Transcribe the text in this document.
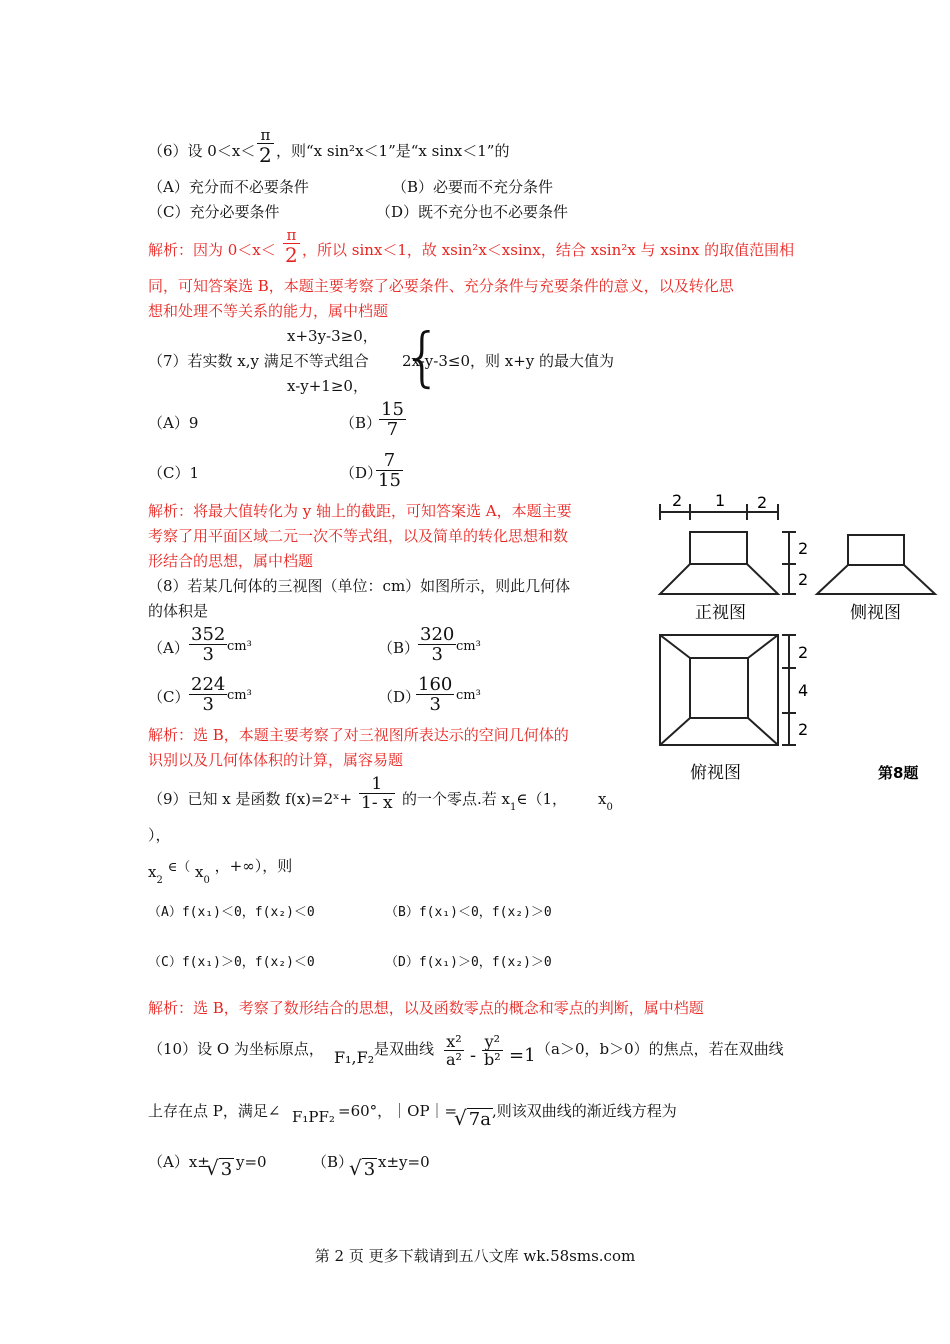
（6）设 0＜x＜
π
2 ，则“x sin²x＜1”是“x sinx＜1”的
（A）充分而不必要条件	（B）必要而不充分条件
（C）充分必要条件	（D）既不充分也不必要条件
解析：因为 0＜x＜
π
2 ，所以 sinx＜1，故 xsin²x＜xsinx，结合 xsin²x 与 xsinx 的取值范围相
同，可知答案选 B，本题主要考察了必要条件、充分条件与充要条件的意义，以及转化思
想和处理不等关系的能力，属中档题
x+3y-3≥0，
（7）若实数 x,y 满足不等式组合 {
2x-y-3≤0，则 x+y 的最大值为
x-y+1≥0，
（A）9	（B）
$\frac{15}{7}$
（C）1	（D）
$\frac{7}{15}$
解析：将最大值转化为 y 轴上的截距，可知答案选 A，本题主要
考察了用平面区域二元一次不等式组，以及简单的转化思想和数
形结合的思想，属中档题
（8）若某几何体的三视图（单位：cm）如图所示，则此几何体
的体积是
$(A) \frac{352}{3} cm^3$	（B）
$\frac{320}{3} cm^3$
$(C) \frac{224}{3} cm^3$	（D）
$\frac{160}{3} cm^3$
解析：选 B，本题主要考察了对三视图所表达示的空间几何体的
识别以及几何体体积的计算，属容易题
2 1 2
2
2
2
4
2
正视图	侧视图
俯视图	第8题
（9）已知 x 是函数 f(x)=2ˣ+ $\frac{1}{1- x}$ 的一个零点.若 $x_1\in(1$， $x_0$
），
$x_2$ ∈（ $x_0$ ，+∞），则
（A）f(x₁)＜0，f(x₂)＜0	（B）f(x₁)＜0，f(x₂)＞0
（C）f(x₁)＞0，f(x₂)＜0	（D）f(x₁)＞0，f(x₂)＞0
解析：选 B，考察了数形结合的思想，以及函数零点的概念和零点的判断，属中档题
（10）设 O 为坐标原点， F₁,F₂ 是双曲线 $\frac{\text{x²}}{\text{a²}} - \frac{\text{y²}}{\text{b²}} =1$ （a＞0，b＞0）的焦点，若在双曲线
上存在点 P，满足∠ F₁PF₂ =60°，｜OP｜=
√ 7a ,则该双曲线的渐近线方程为
（A）x±
√ 3 y=0	（B）
√ 3 x±y=0
第 2 页 更多下载请到五八文库 wk.58sms.com
